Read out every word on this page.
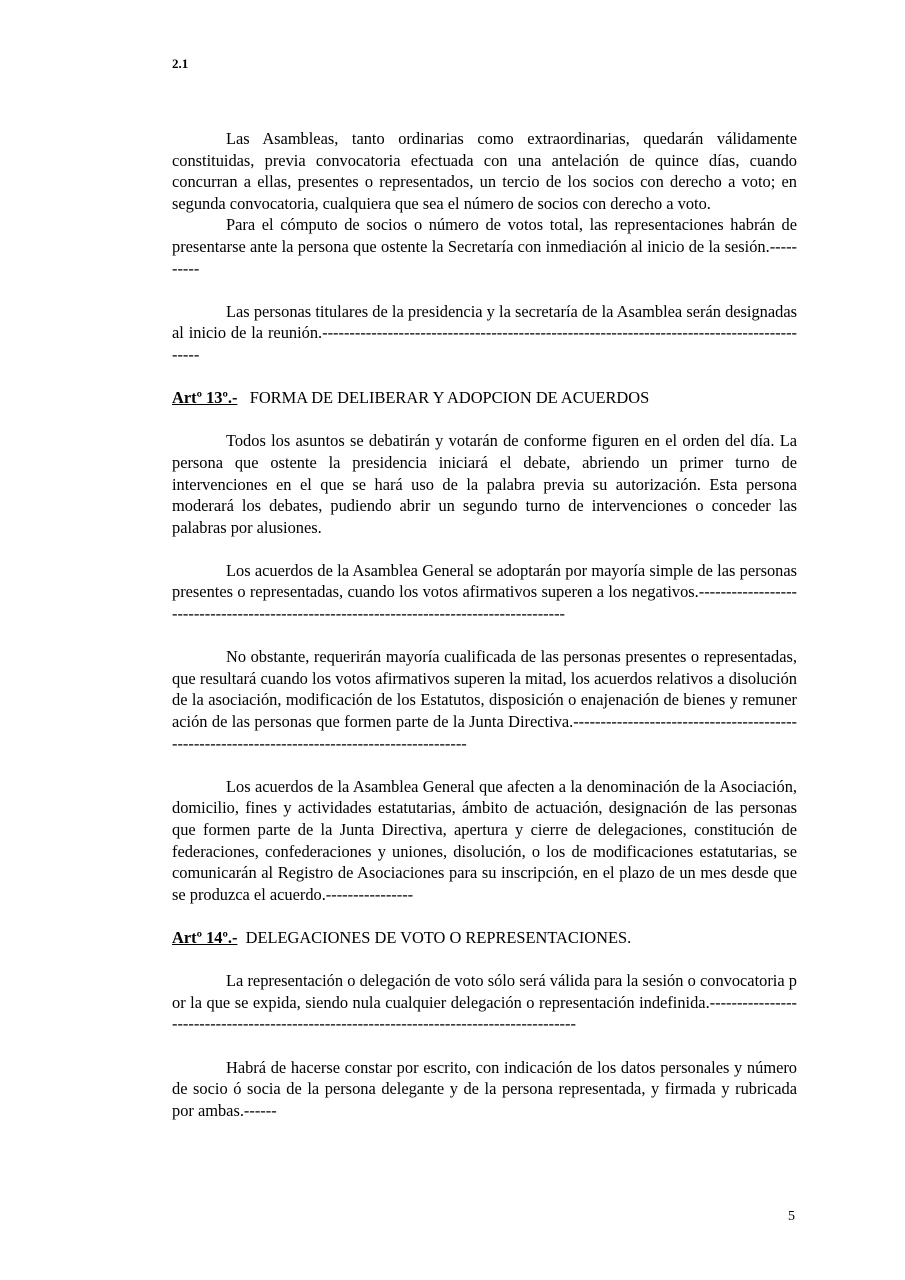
2.1

Las Asambleas, tanto ordinarias como extraordinarias, quedarán válidamente constituidas, previa convocatoria efectuada con una antelación de quince días, cuando concurran a ellas, presentes o representados, un tercio de los socios con derecho a voto; en segunda convocatoria, cualquiera que sea el número de socios con derecho a voto.

Para el cómputo de socios o número de votos total, las representaciones habrán de presentarse ante la persona que ostente la Secretaría con inmediación al inicio de la sesión.----------

Las personas titulares de la presidencia y la secretaría de la Asamblea serán designadas al inicio de la reunión.--------------------------------------------------------------------------------------------

Artº 13º.- FORMA DE DELIBERAR Y ADOPCION DE ACUERDOS

Todos los asuntos se debatirán y votarán de conforme figuren en el orden del día. La persona que ostente la presidencia iniciará el debate, abriendo un primer turno de intervenciones en el que se hará uso de la palabra previa su autorización. Esta persona moderará los debates, pudiendo abrir un segundo turno de intervenciones o conceder las palabras por alusiones.

Los acuerdos de la Asamblea General se adoptarán por mayoría simple de las personas presentes o representadas, cuando los votos afirmativos superen a los negativos.------------------------------------------------------------------------------------------

No obstante, requerirán mayoría cualificada de las personas presentes o representadas, que resultará cuando los votos afirmativos superen la mitad, los acuerdos relativos a disolución de la asociación, modificación de los Estatutos, disposición o enajenación de bienes y remuneración de las personas que formen parte de la Junta Directiva.-----------------------------------------------------------------------------------------------

Los acuerdos de la Asamblea General que afecten a la denominación de la Asociación, domicilio, fines y actividades estatutarias, ámbito de actuación, designación de las personas que formen parte de la Junta Directiva, apertura y cierre de delegaciones, constitución de federaciones, confederaciones y uniones, disolución, o los de modificaciones estatutarias, se comunicarán al Registro de Asociaciones para su inscripción, en el plazo de un mes desde que se produzca el acuerdo.----------------

Artº 14º.- DELEGACIONES DE VOTO O REPRESENTACIONES.

La representación o delegación de voto sólo será válida para la sesión o convocatoria por la que se expida, siendo nula cualquier delegación o representación indefinida.------------------------------------------------------------------------------------------

Habrá de hacerse constar por escrito, con indicación de los datos personales y número de socio ó socia de la persona delegante y de la persona representada, y firmada y rubricada por ambas.------

5
